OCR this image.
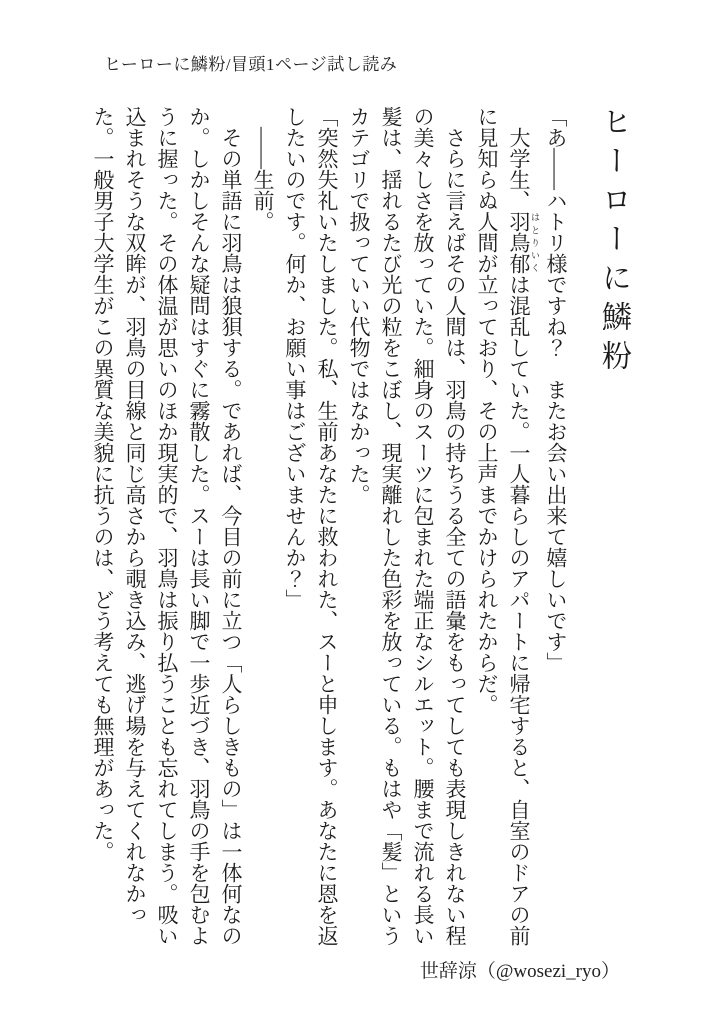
ヒーローに鱗粉/冒頭1ページ試し読み
ヒーローに鱗粉

「あ――ハトリ様ですね？　またお会い出来て嬉しいです」

大学生、羽鳥郁 はとりいくは混乱していた。一人暮らしのアパートに帰宅すると、自室のドアの前に見知らぬ人間が立っており、その上声までかけられたからだ。

さらに言えばその人間は、羽鳥の持ちうる全ての語彙をもってしても表現しきれない程の美々しさを放っていた。細身のスーツに包まれた端正なシルエット。腰まで流れる長い髪は、揺れるたび光の粒をこぼし、現実離れした色彩を放っている。もはや「髪」というカテゴリで扱っていい代物ではなかった。

「突然失礼いたしました。私、生前あなたに救われた、スーと申します。あなたに恩を返したいのです。何か、お願い事はございませんか？」

――生前。

その単語に羽鳥は狼狽する。であれば、今目の前に立つ「人らしきもの」は一体何なのか。しかしそんな疑問はすぐに霧散した。スーは長い脚で一歩近づき、羽鳥の手を包むように握った。その体温が思いのほか現実的で、羽鳥は振り払うことも忘れてしまう。吸い込まれそうな双眸が、羽鳥の目線と同じ高さから覗き込み、逃げ場を与えてくれなかった。一般男子大学生がこの異質な美貌に抗うのは、どう考えても無理があった。

世辞涼（@wosezi_ryo）
